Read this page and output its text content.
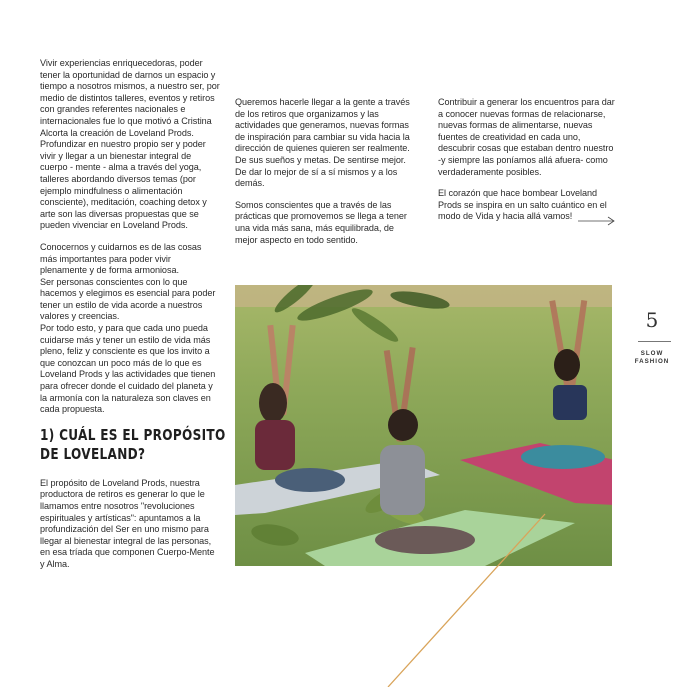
Vivir experiencias enriquecedoras, poder tener la oportunidad de darnos un espacio y tiempo a nosotros mismos, a nuestro ser, por medio de distintos talleres, eventos y retiros con grandes referentes nacionales e internacionales fue lo que motivó a Cristina Alcorta la creación de Loveland Prods. Profundizar en nuestro propio ser y poder vivir y llegar a un bienestar integral de cuerpo - mente - alma a través del yoga, talleres abordando diversos temas (por ejemplo mindfulness o alimentación consciente), meditación, coaching detox y arte son las diversas propuestas que se pueden vivenciar en Loveland Prods.

Conocernos y cuidarnos es de las cosas más importantes para poder vivir plenamente y de forma armoniosa.
Ser personas conscientes con lo que hacemos y elegimos es esencial para poder tener un estilo de vida acorde a nuestros valores y creencias.
Por todo esto, y para que cada uno pueda cuidarse más y tener un estilo de vida más pleno, feliz y consciente es que los invito a que conozcan un poco más de lo que es Loveland Prods y las actividades que tienen para ofrecer donde el cuidado del planeta y la armonía con la naturaleza son claves en cada propuesta.

1) CUÁL ES EL PROPÓSITO
DE LOVELAND?

El propósito de Loveland Prods, nuestra productora de retiros es generar lo que le llamamos entre nosotros "revoluciones espirituales y artísticas": apuntamos a la profundización del Ser en uno mismo para llegar al bienestar integral de las personas, en esa tríada que componen Cuerpo-Mente y Alma.

Queremos hacerle llegar a la gente a través de los retiros que organizamos y las actividades que generamos, nuevas formas de inspiración para cambiar su vida hacia la dirección de quienes quieren ser realmente. De sus sueños y metas. De sentirse mejor. De dar lo mejor de sí a sí mismos y a los demás.

Somos conscientes que a través de las prácticas que promovemos se llega a tener una vida más sana, más equilibrada, de mejor aspecto en todo sentido.

Contribuir a generar los encuentros para dar a conocer nuevas formas de relacionarse, nuevas formas de alimentarse, nuevas fuentes de creatividad en cada uno, descubrir cosas que estaban dentro nuestro -y siempre las poníamos allá afuera- como verdaderamente posibles.

El corazón que hace bombear Loveland Prods se inspira en un salto cuántico en el modo de Vida y hacia allá vamos!

5
SLOW FASHION
